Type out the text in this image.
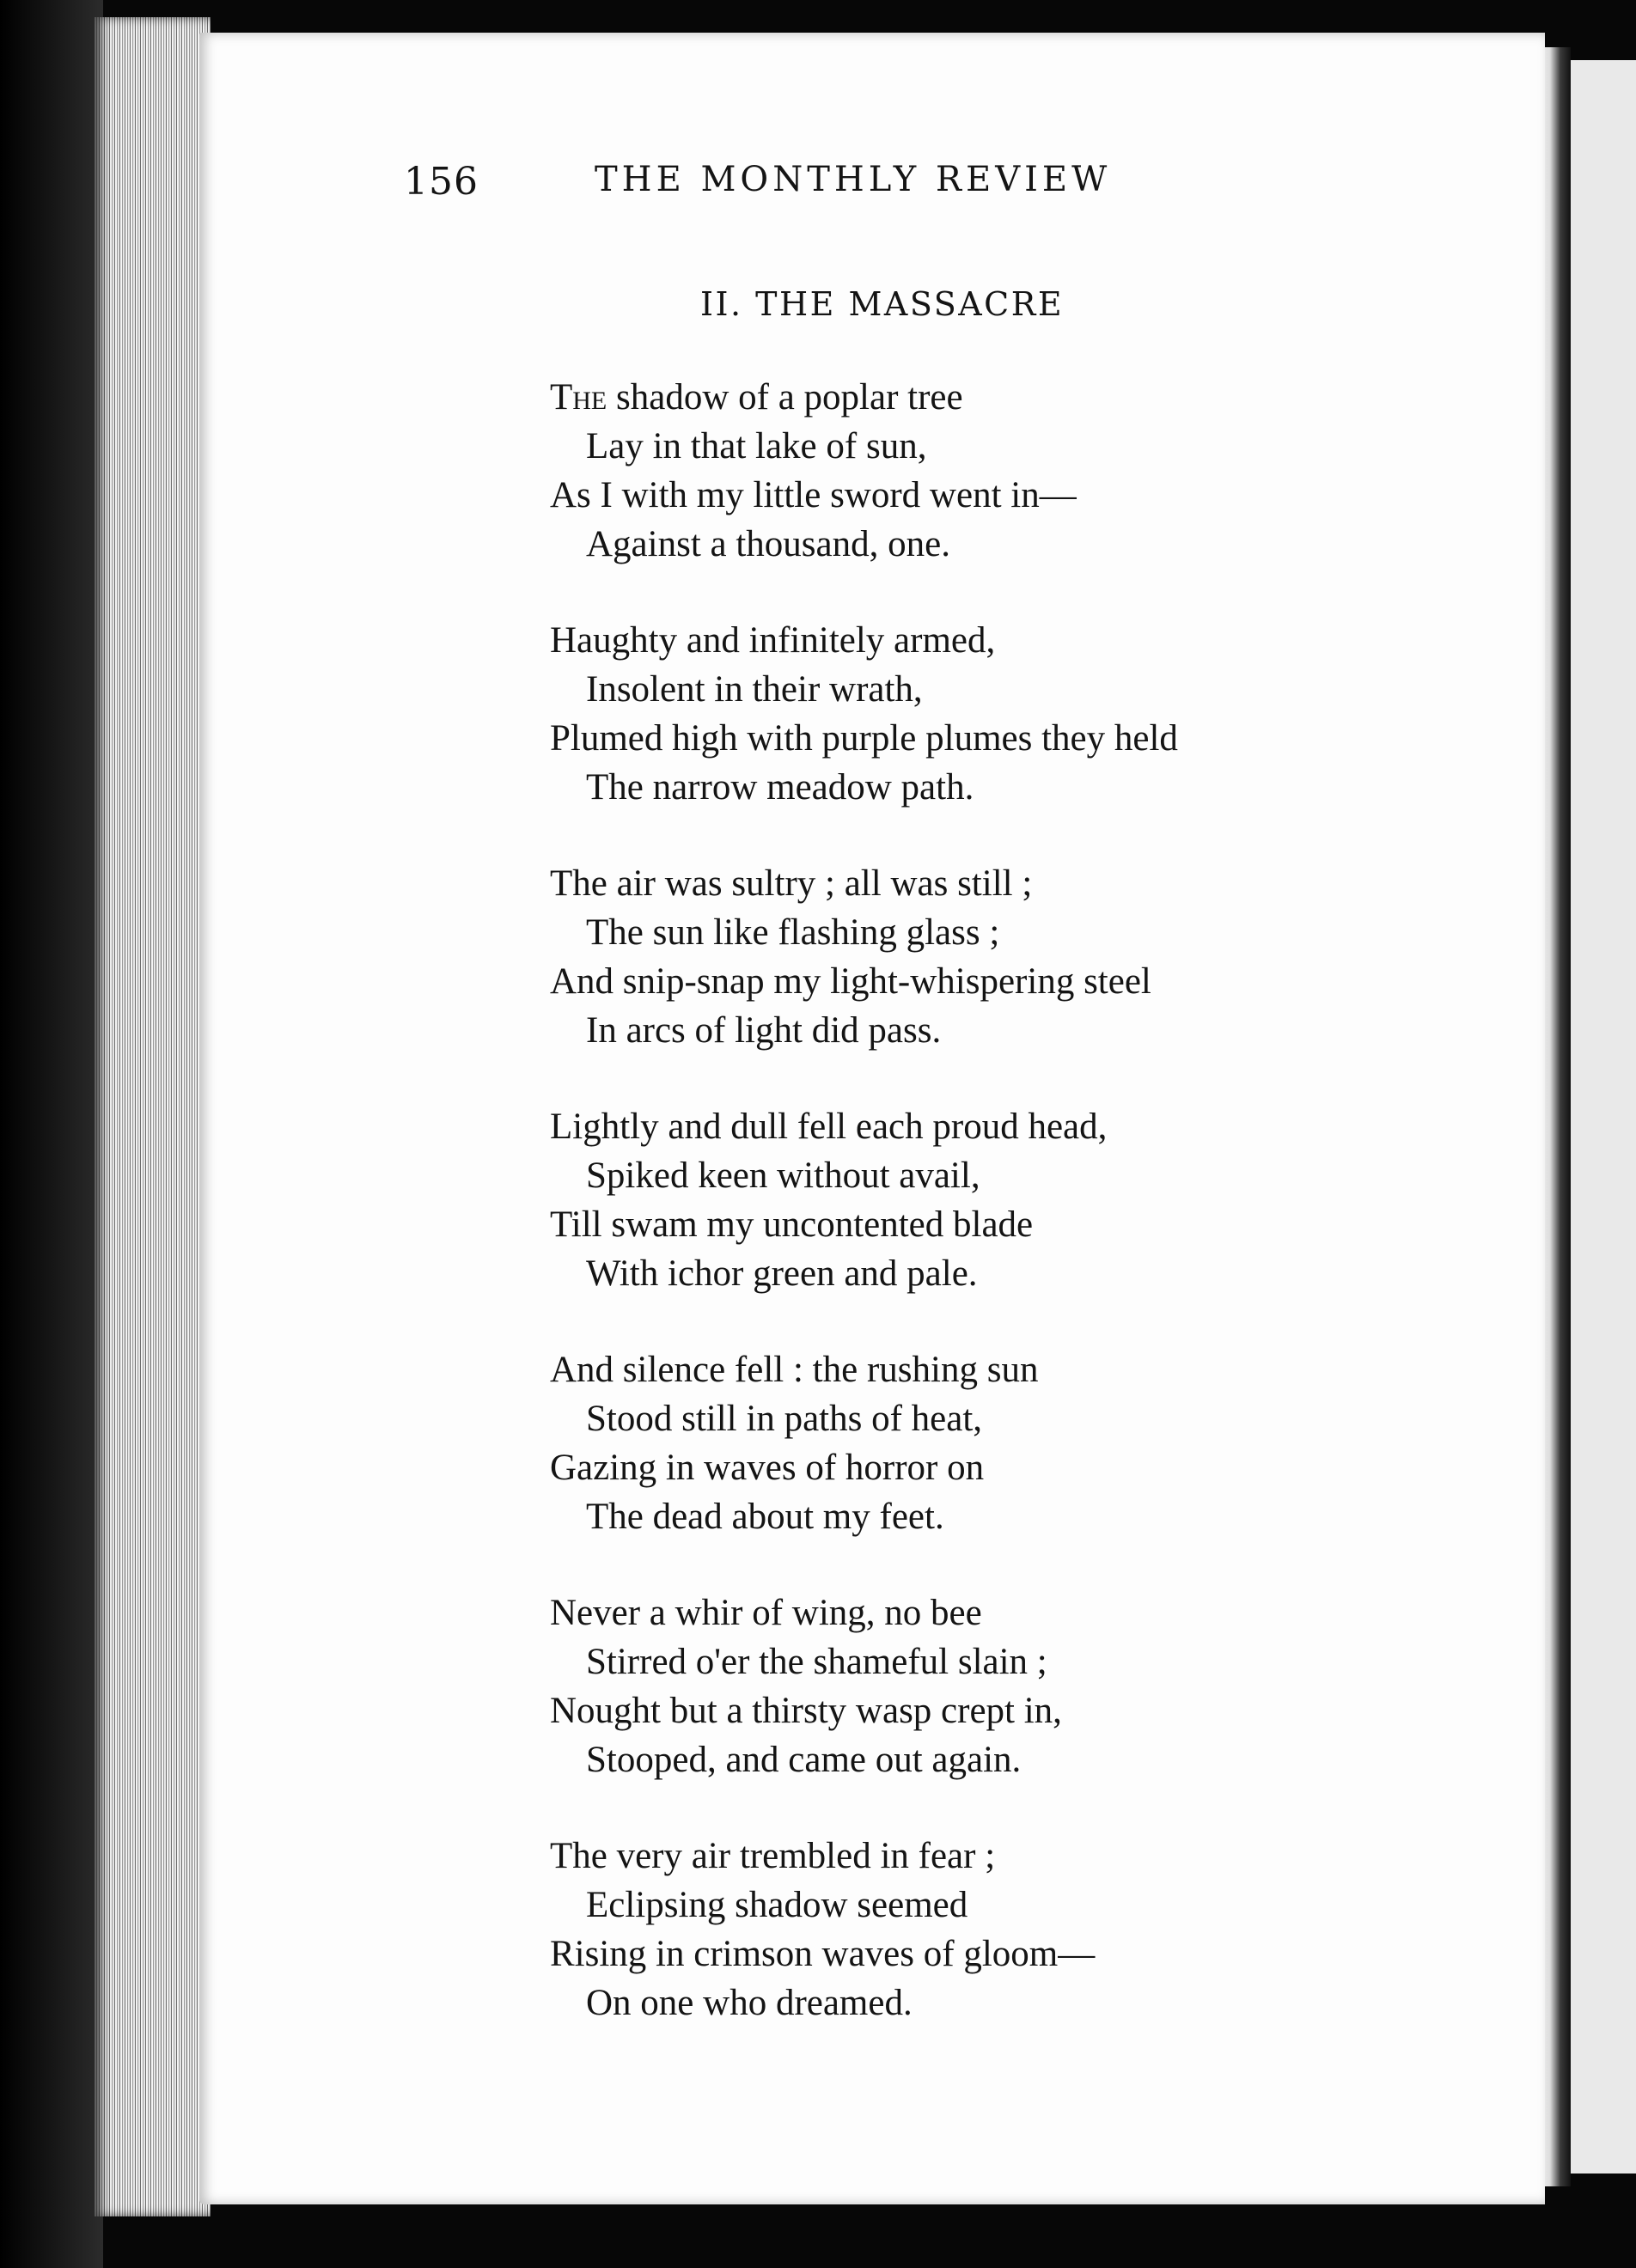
156	THE MONTHLY REVIEW
II. THE MASSACRE
The shadow of a poplar tree
Lay in that lake of sun,
As I with my little sword went in—
Against a thousand, one.
Haughty and infinitely armed,
Insolent in their wrath,
Plumed high with purple plumes they held
The narrow meadow path.
The air was sultry ; all was still ;
The sun like flashing glass ;
And snip-snap my light-whispering steel
In arcs of light did pass.
Lightly and dull fell each proud head,
Spiked keen without avail,
Till swam my uncontented blade
With ichor green and pale.
And silence fell : the rushing sun
Stood still in paths of heat,
Gazing in waves of horror on
The dead about my feet.
Never a whir of wing, no bee
Stirred o'er the shameful slain ;
Nought but a thirsty wasp crept in,
Stooped, and came out again.
The very air trembled in fear ;
Eclipsing shadow seemed
Rising in crimson waves of gloom—
On one who dreamed.
